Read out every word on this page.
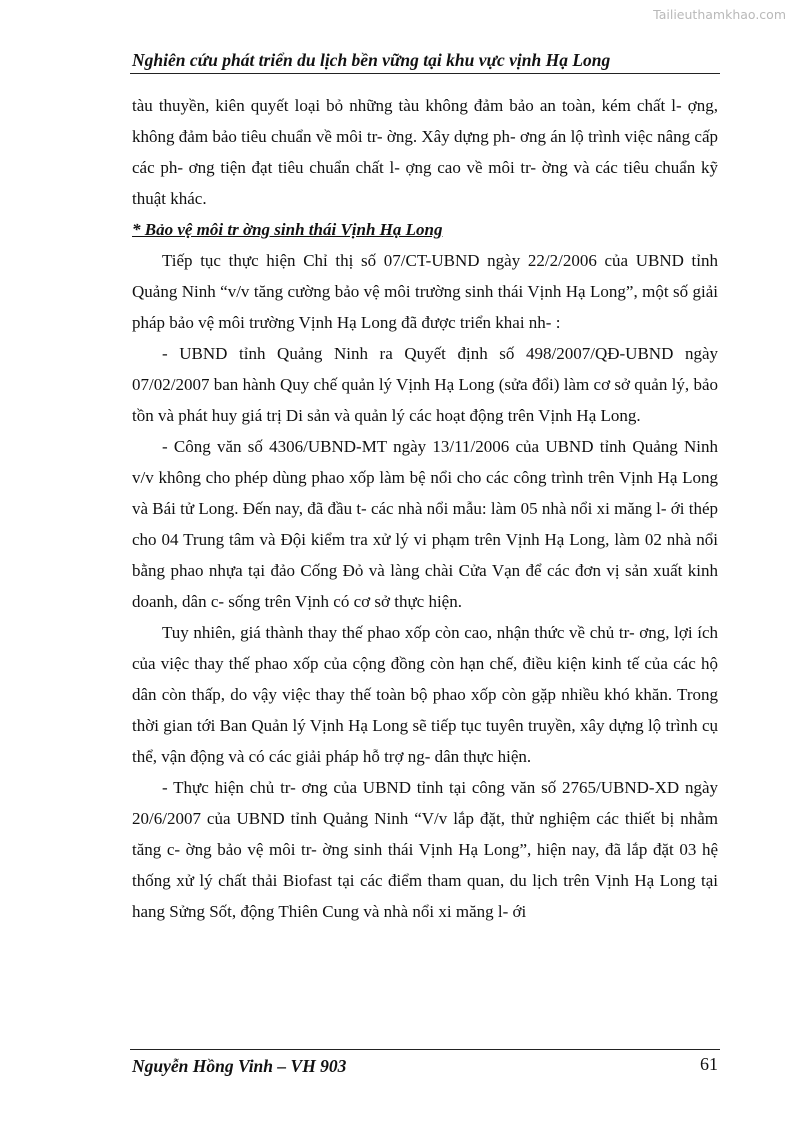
Tailieuthamkhao.com
Nghiên cứu phát triển du lịch bền vững tại khu vực vịnh Hạ Long

tàu thuyền, kiên quyết loại bỏ những tàu không đảm bảo an toàn, kém chất l- ợng, không đảm bảo tiêu chuẩn về môi tr- ờng. Xây dựng ph- ơng án lộ trình việc nâng cấp các ph- ơng tiện đạt tiêu chuẩn chất l- ợng cao về môi tr- ờng và các tiêu chuẩn kỹ thuật khác.

* Bảo vệ môi tr ờng sinh thái Vịnh Hạ Long

Tiếp tục thực hiện Chỉ thị số 07/CT-UBND ngày 22/2/2006 của UBND tỉnh Quảng Ninh “v/v tăng cường bảo vệ môi trường sinh thái Vịnh Hạ Long”, một số giải pháp bảo vệ môi trường Vịnh Hạ Long đã được triển khai nh- :

- UBND tỉnh Quảng Ninh ra Quyết định số 498/2007/QĐ-UBND ngày 07/02/2007 ban hành Quy chế quản lý Vịnh Hạ Long (sửa đổi) làm cơ sở quản lý, bảo tồn và phát huy giá trị Di sản và quản lý các hoạt động trên Vịnh Hạ Long.

- Công văn số 4306/UBND-MT ngày 13/11/2006 của UBND tỉnh Quảng Ninh v/v không cho phép dùng phao xốp làm bệ nổi cho các công trình trên Vịnh Hạ Long và Bái tử Long. Đến nay, đã đầu t- các nhà nổi mẫu: làm 05 nhà nổi xi măng l- ới thép cho 04 Trung tâm và Đội kiểm tra xử lý vi phạm trên Vịnh Hạ Long, làm 02 nhà nổi bằng phao nhựa tại đảo Cống Đỏ và làng chài Cửa Vạn để các đơn vị sản xuất kinh doanh, dân c- sống trên Vịnh có cơ sở thực hiện.

Tuy nhiên, giá thành thay thế phao xốp còn cao, nhận thức về chủ tr- ơng, lợi ích của việc thay thế phao xốp của cộng đồng còn hạn chế, điều kiện kinh tế của các hộ dân còn thấp, do vậy việc thay thế toàn bộ phao xốp còn gặp nhiều khó khăn. Trong thời gian tới Ban Quản lý Vịnh Hạ Long sẽ tiếp tục tuyên truyền, xây dựng lộ trình cụ thể, vận động và có các giải pháp hỗ trợ ng- dân thực hiện.

- Thực hiện chủ tr- ơng của UBND tỉnh tại công văn số 2765/UBND-XD ngày 20/6/2007 của UBND tỉnh Quảng Ninh “V/v lắp đặt, thử nghiệm các thiết bị nhằm tăng c- ờng bảo vệ môi tr- ờng sinh thái Vịnh Hạ Long”, hiện nay, đã lắp đặt 03 hệ thống xử lý chất thải Biofast tại các điểm tham quan, du lịch trên Vịnh Hạ Long tại hang Sửng Sốt, động Thiên Cung và nhà nổi xi măng l- ới

Nguyễn Hồng Vinh – VH 903	61
